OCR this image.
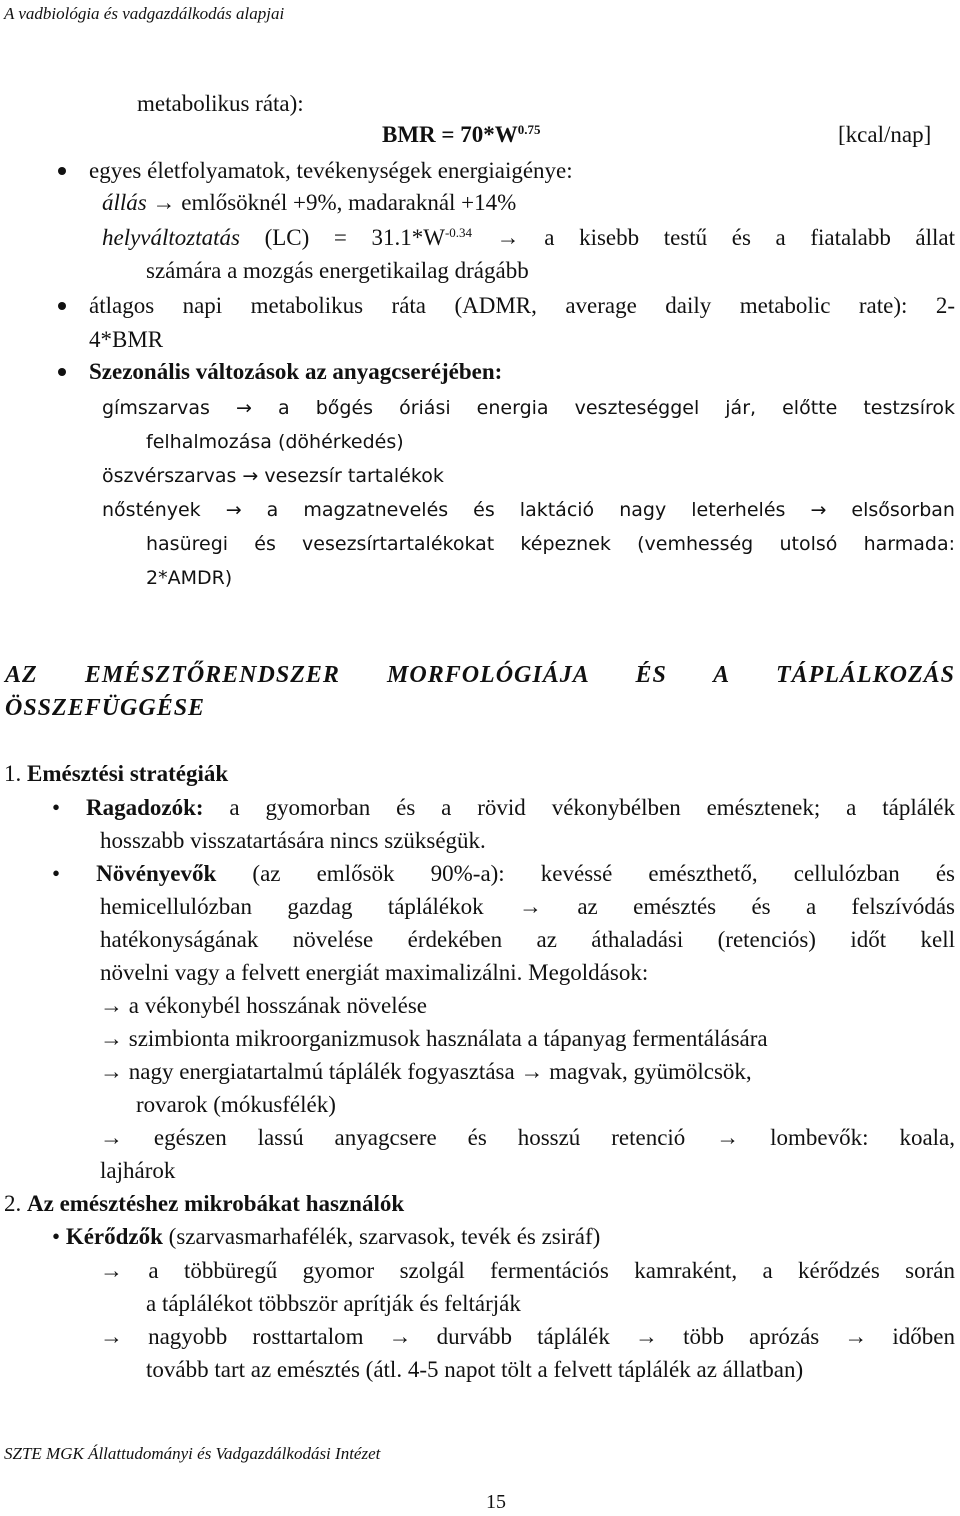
A vadbiológia és vadgazdálkodás alapjai
metabolikus ráta):
BMR = $70*W^{0.75}$	[kcal/nap]
egyes életfolyamatok, tevékenységek energiaigénye:
állás → emlősöknél +9%, madaraknál +14%
helyváltoztatás $(LC) = 31.1*W^{-0.34} \to a$ kisebb testű és a fiatalabb állat
számára a mozgás energetikailag drágább
átlagos napi metabolikus ráta (ADMR, average daily metabolic rate): 2-
4*BMR
Szezonális változások az anyagcseréjében:
gímszarvas → a bőgés óriási energia veszteséggel jár, előtte testzsírok
felhalmozása (döhérkedés)
öszvérszarvas → vesezsír tartalékok
nőstények → a magzatnevelés és laktáció nagy leterhelés → elsősorban
hasüregi és vesezsírtartalékokat képeznek (vemhesség utolsó harmada:
2*AMDR)
AZ EMÉSZTŐRENDSZER MORFOLÓGIÁJA ÉS A TÁPLÁLKOZÁS
ÖSSZEFÜGGÉSE
1. Emésztési stratégiák
• Ragadozók: a gyomorban és a rövid vékonybélben emésztenek; a táplálék
hosszabb visszatartására nincs szükségük.
• Növényevők (az emlősök 90%-a): kevéssé emészthető, cellulózban és
hemicellulózban gazdag táplálékok → az emésztés és a felszívódás
hatékonyságának növelése érdekében az áthaladási (retenciós) időt kell
növelni vagy a felvett energiát maximalizálni. Megoldások:
→ a vékonybél hosszának növelése
→ szimbionta mikroorganizmusok használata a tápanyag fermentálására
→ nagy energiatartalmú táplálék fogyasztása → magvak, gyümölcsök,
rovarok (mókusfélék)
→ egészen lassú anyagcsere és hosszú retenció → lombevők: koala,
lajhárok
2. Az emésztéshez mikrobákat használók
• Kérődzők (szarvasmarhafélék, szarvasok, tevék és zsiráf)
→ a többüregű gyomor szolgál fermentációs kamraként, a kérődzés során
a táplálékot többször aprítják és feltárják
→ nagyobb rosttartalom → durvább táplálék → több aprózás → időben
tovább tart az emésztés (átl. 4-5 napot tölt a felvett táplálék az állatban)
SZTE MGK Állattudományi és Vadgazdálkodási Intézet
15
